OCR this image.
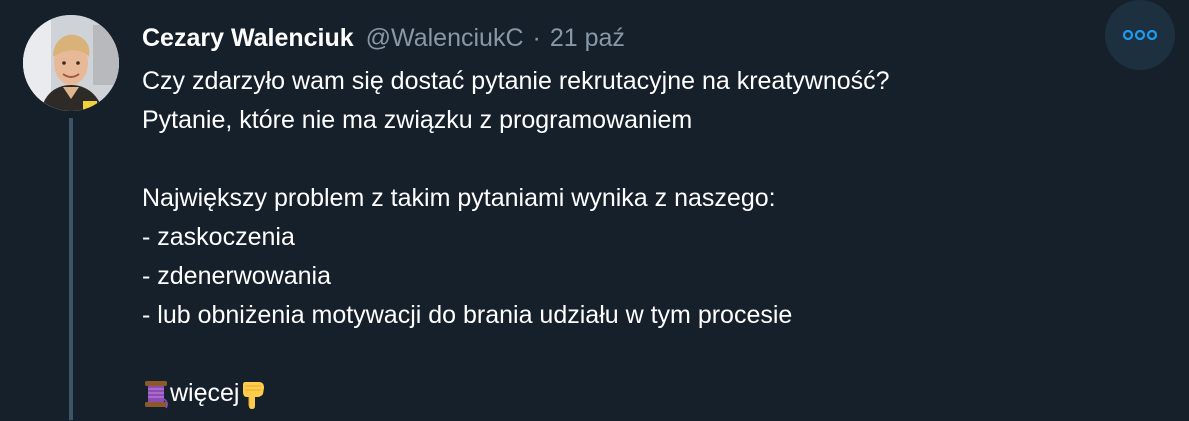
Cezary Walenciuk @WalenciukC · 21 paź
Czy zdarzyło wam się dostać pytanie rekrutacyjne na kreatywność?
Pytanie, które nie ma związku z programowaniem
Największy problem z takim pytaniami wynika z naszego:
- zaskoczenia
- zdenerwowania
- lub obniżenia motywacji do brania udziału w tym procesie
więcej
